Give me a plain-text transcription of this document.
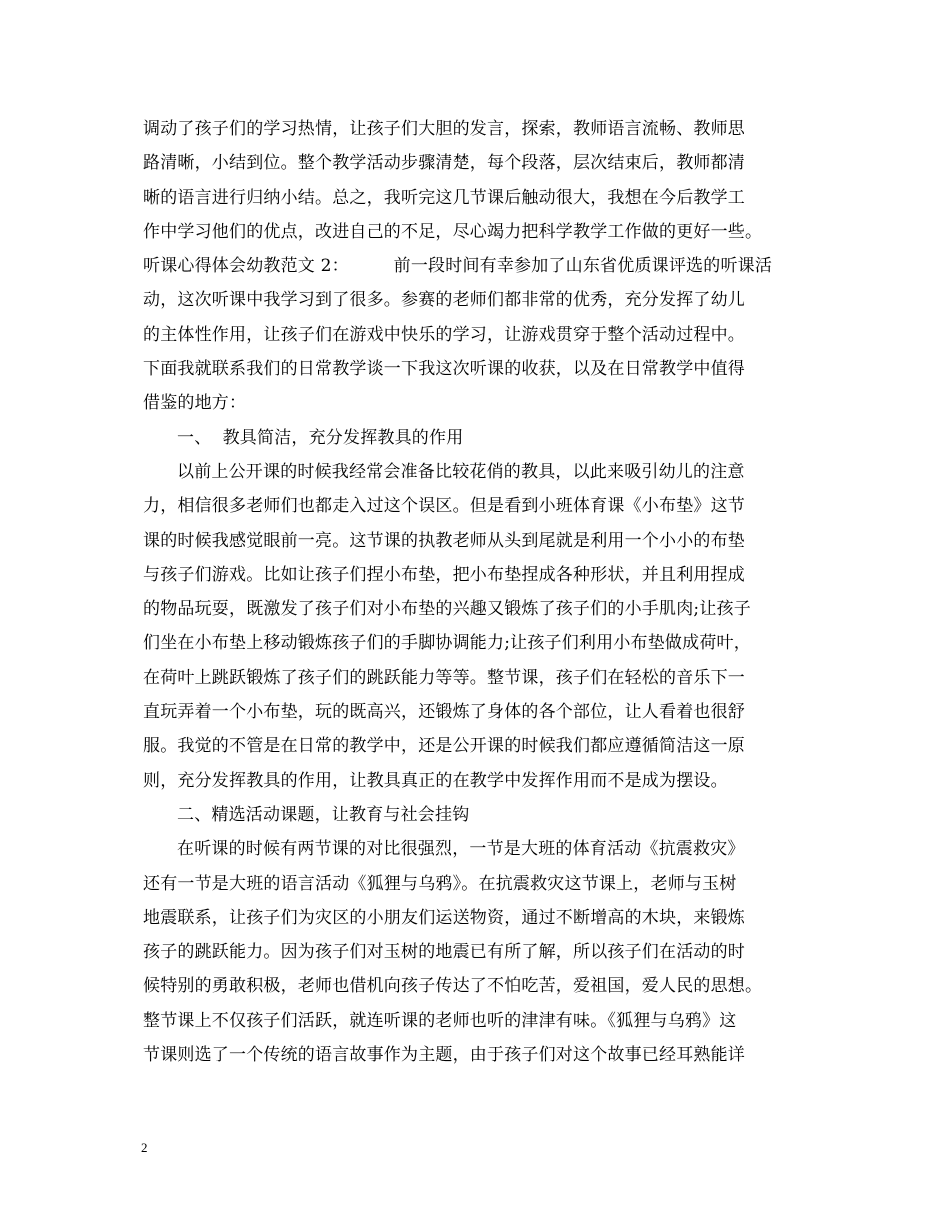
调动了孩子们的学习热情，让孩子们大胆的发言，探索，教师语言流畅、教师思
路清晰，小结到位。整个教学活动步骤清楚，每个段落，层次结束后，教师都清
晰的语言进行归纳小结。总之，我听完这几节课后触动很大，我想在今后教学工
作中学习他们的优点，改进自己的不足，尽心竭力把科学教学工作做的更好一些。
听课心得体会幼教范文 2：        前一段时间有幸参加了山东省优质课评选的听课活
动，这次听课中我学习到了很多。参赛的老师们都非常的优秀，充分发挥了幼儿
的主体性作用，让孩子们在游戏中快乐的学习，让游戏贯穿于整个活动过程中。
下面我就联系我们的日常教学谈一下我这次听课的收获，以及在日常教学中值得
借鉴的地方：
一、  教具简洁，充分发挥教具的作用
以前上公开课的时候我经常会准备比较花俏的教具，以此来吸引幼儿的注意
力，相信很多老师们也都走入过这个误区。但是看到小班体育课《小布垫》这节
课的时候我感觉眼前一亮。这节课的执教老师从头到尾就是利用一个小小的布垫
与孩子们游戏。比如让孩子们捏小布垫，把小布垫捏成各种形状，并且利用捏成
的物品玩耍，既激发了孩子们对小布垫的兴趣又锻炼了孩子们的小手肌肉;让孩子
们坐在小布垫上移动锻炼孩子们的手脚协调能力;让孩子们利用小布垫做成荷叶，
在荷叶上跳跃锻炼了孩子们的跳跃能力等等。整节课，孩子们在轻松的音乐下一
直玩弄着一个小布垫，玩的既高兴，还锻炼了身体的各个部位，让人看着也很舒
服。我觉的不管是在日常的教学中，还是公开课的时候我们都应遵循简洁这一原
则，充分发挥教具的作用，让教具真正的在教学中发挥作用而不是成为摆设。
二、精选活动课题，让教育与社会挂钩
在听课的时候有两节课的对比很强烈，一节是大班的体育活动《抗震救灾》
还有一节是大班的语言活动《狐狸与乌鸦》。在抗震救灾这节课上，老师与玉树
地震联系，让孩子们为灾区的小朋友们运送物资，通过不断增高的木块，来锻炼
孩子的跳跃能力。因为孩子们对玉树的地震已有所了解，所以孩子们在活动的时
候特别的勇敢积极，老师也借机向孩子传达了不怕吃苦，爱祖国，爱人民的思想。
整节课上不仅孩子们活跃，就连听课的老师也听的津津有味。《狐狸与乌鸦》这
节课则选了一个传统的语言故事作为主题，由于孩子们对这个故事已经耳熟能详
2
